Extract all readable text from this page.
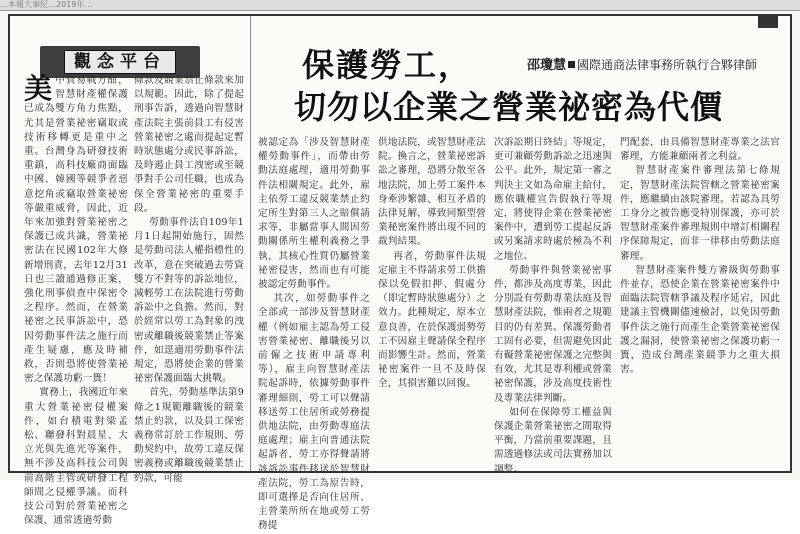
…本報大事紀…2019年…
觀念平台	保護勞工，
切勿以企業之營業祕密為代價
邵瓊慧 國際通商法律事務所執行合夥律師

美中貿易戰方酣，智慧財產權保護已成為雙方角力焦點，尤其是營業祕密竊取或技術移轉更是重中之重。台灣身為研發技術重鎮，高科技廠商面臨中國、韓國等競爭者惡意挖角或竊取營業祕密等嚴重威脅，因此，近年來加強對營業祕密之保護已成共識，營業祕密法在民國102年大修新增刑責，去年12月31日也三讀通過修正案，強化刑事偵查中保密令之程序。然而，在營業祕密之民事訴訟中，恐因勞動事件法之施行而產生疑慮，應及時補救，否則恐將使營業祕密之保護功虧一簣！

實務上，我國近年來重大營業祕密侵權案件，如台積電對梁孟松、聯發科對晨星、大立光與先進光等案件，無不涉及高科技公司與前高階主管或研發工程師間之侵權爭議。而科技公司對於營業祕密之保護，通常透過勞動

條款及競業禁止條款來加以規範。因此，除了提起刑事告訴，透過向智慧財產法院主張前員工有侵害營業祕密之處而提起定暫時狀態處分或民事訴訟，及時遏止員工洩密或至競爭對手公司任職，也成為保全營業祕密的重要手段。

勞動事件法自109年1月1日起開始施行，固然是勞動司法人權指標性的改革，意在突破過去勞資雙方不對等的訴訟地位，減輕勞工在法院進行勞動訴訟中之負擔。然而，對於經常以勞工為對象的洩密或離職後競業禁止等案件，如逕適用勞動事件法規定，恐將使企業的營業祕密保護面臨大挑戰。

首先，勞動基準法第9條之1規範離職後的競業禁止約款，以及員工保密義務常訂於工作規則、勞動契約中，故勞工違反保密義務或離職後競業禁止約款，可能

被認定為「涉及智慧財產權勞動事件」，而帶由勞動法庭處理，適用勞動事件法相關規定。此外，雇主依勞工違反競業禁止約定所生對第三人之賠償請求等，非屬當事人間因勞動關係所生權利義務之爭執，其核心性質仍屬營業祕密侵害，然而也有可能被認定勞動事件。

其次，如勞動事件之全部或一部涉及智慧財產權（例如雇主認為勞工侵害營業祕密、離職後另以前僱之技術申請專利等），雇主向智慧財產法院起訴時，依據勞動事件審理細則，勞工可以聲請移送勞工住居所或勞務提供地法院，由勞動專庭法庭處理；雇主向普通法院起訴者，勞工亦得聲請將該訴訟事件移送於智慧財產法院，勞工為原告時，即可選擇是否向住居所、主營業所所在地或勞工勞務提

供地法院，或智慧財產法院。換言之，營業祕密訴訟之審理，恐將分散至各地法院，加上勞工案件本身牽涉繁雜、相互矛盾的法律見解，導致同類型營業秘密案件將出現不同的裁判結果。

再者，勞動事件法規定雇主不得請求勞工供擔保以免假扣押、假處分（即定暫時狀態處分）之效力。此種規定，原本立意良善，在於保護弱勢勞工不因雇主聲請保全程序而影響生計。然而，營業祕密案件一旦不及時保全，其損害難以回復。

次訴訟期日終結」等規定，更可兼顧勞動訴訟之迅速與公平。此外，規定第一審之判決主文如為命雇主給付，應依職權宣告假執行等規定，將使得企業在營業祕密案件中，遭到勞工提起反訴或另案請求時處於極為不利之地位。

勞動事件與營業祕密事件，都涉及高度專業，因此分別設有勞動專業法庭及智慧財產法院，惟兩者之規範目的仍有差異。保護勞動者工固有必要，但需避免因此有礙營業祕密保護之完整與有效，尤其是專利權或營業祕密保護，涉及高度技術性及專業法律判斷。

如何在保障勞工權益與保護企業營業祕密之間取得平衡，乃當前重要課題，且需透過修法或司法實務加以調整。

門配套，由具備智慧財產專業之法官審理，方能兼顧兩者之利益。

智慧財產案件審理法第七條規定，智慧財產法院管轄之營業祕密案件，應繼續由該院審理。若認為具勞工身分之被告應受特別保護，亦可於智慧財產案件審理規則中增訂相關程序保障規定，而非一律移由勞動法庭審理。

智慧財產案件雙方審級與勞動事件並存，恐使企業在營業祕密案件中面臨法院管轄爭議及程序延宕，因此建議主管機關儘速檢討，以免因勞動事件法之施行而產生企業營業祕密保護之漏洞，使營業祕密之保護功虧一簣，造成台灣產業競爭力之重大損害。
